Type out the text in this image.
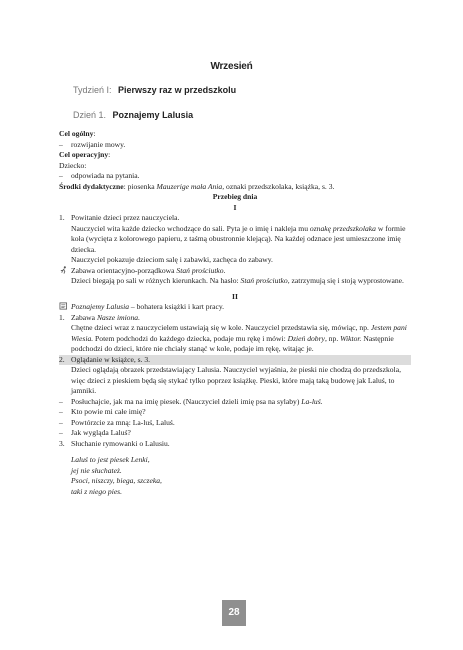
Wrzesień
Tydzień I: Pierwszy raz w przedszkolu
Dzień 1. Poznajemy Lalusia

Cel ogólny:

– rozwijanie mowy.

Cel operacyjny:

Dziecko:

– odpowiada na pytania.

Środki dydaktyczne: piosenka Mauzerige mała Ania, oznaki przedszkolaka, książka, s. 3.

Przebieg dnia

I

1. Powitanie dzieci przez nauczyciela.

Nauczyciel wita każde dziecko wchodzące do sali. Pyta je o imię i nakleja mu oznakę przedszkolaka w formie koła (wycięta z kolorowego papieru, z taśmą obustronnie klejącą). Na każdej odznace jest umieszczone imię dziecka.

Nauczyciel pokazuje dzieciom salę i zabawki, zachęca do zabawy.

Zabawa orientacyjno-porządkowa Stań prościutko.

Dzieci biegają po sali w różnych kierunkach. Na hasło: Stań prościutko, zatrzymują się i stoją wyprostowane.

II

Poznajemy Lalusia – bohatera książki i kart pracy.

1. Zabawa Nasze imiona.

Chętne dzieci wraz z nauczycielem ustawiają się w kole. Nauczyciel przedstawia się, mówiąc, np. Jestem pani Wiesia. Potem podchodzi do każdego dziecka, podaje mu rękę i mówi: Dzień dobry, np. Wiktor. Następnie podchodzi do dzieci, które nie chciały stanąć w kole, podaje im rękę, witając je.

2. Oglądanie w książce, s. 3.

Dzieci oglądają obrazek przedstawiający Lalusia. Nauczyciel wyjaśnia, że pieski nie chodzą do przedszkola, więc dzieci z pieskiem będą się stykać tylko poprzez książkę. Pieski, które mają taką budowę jak Laluś, to jamniki.

– Posłuchajcie, jak ma na imię piesek. (Nauczyciel dzieli imię psa na sylaby) La-luś.

– Kto powie mi całe imię?

– Powtórzcie za mną: La-luś, Laluś.

– Jak wygląda Laluś?

3. Słuchanie rymowanki o Lalusiu.

Laluś to jest piesek Lenki,

jej nie słuchateż.

Psoci, niszczy, biega, szczeka,

taki z niego pies.

28
